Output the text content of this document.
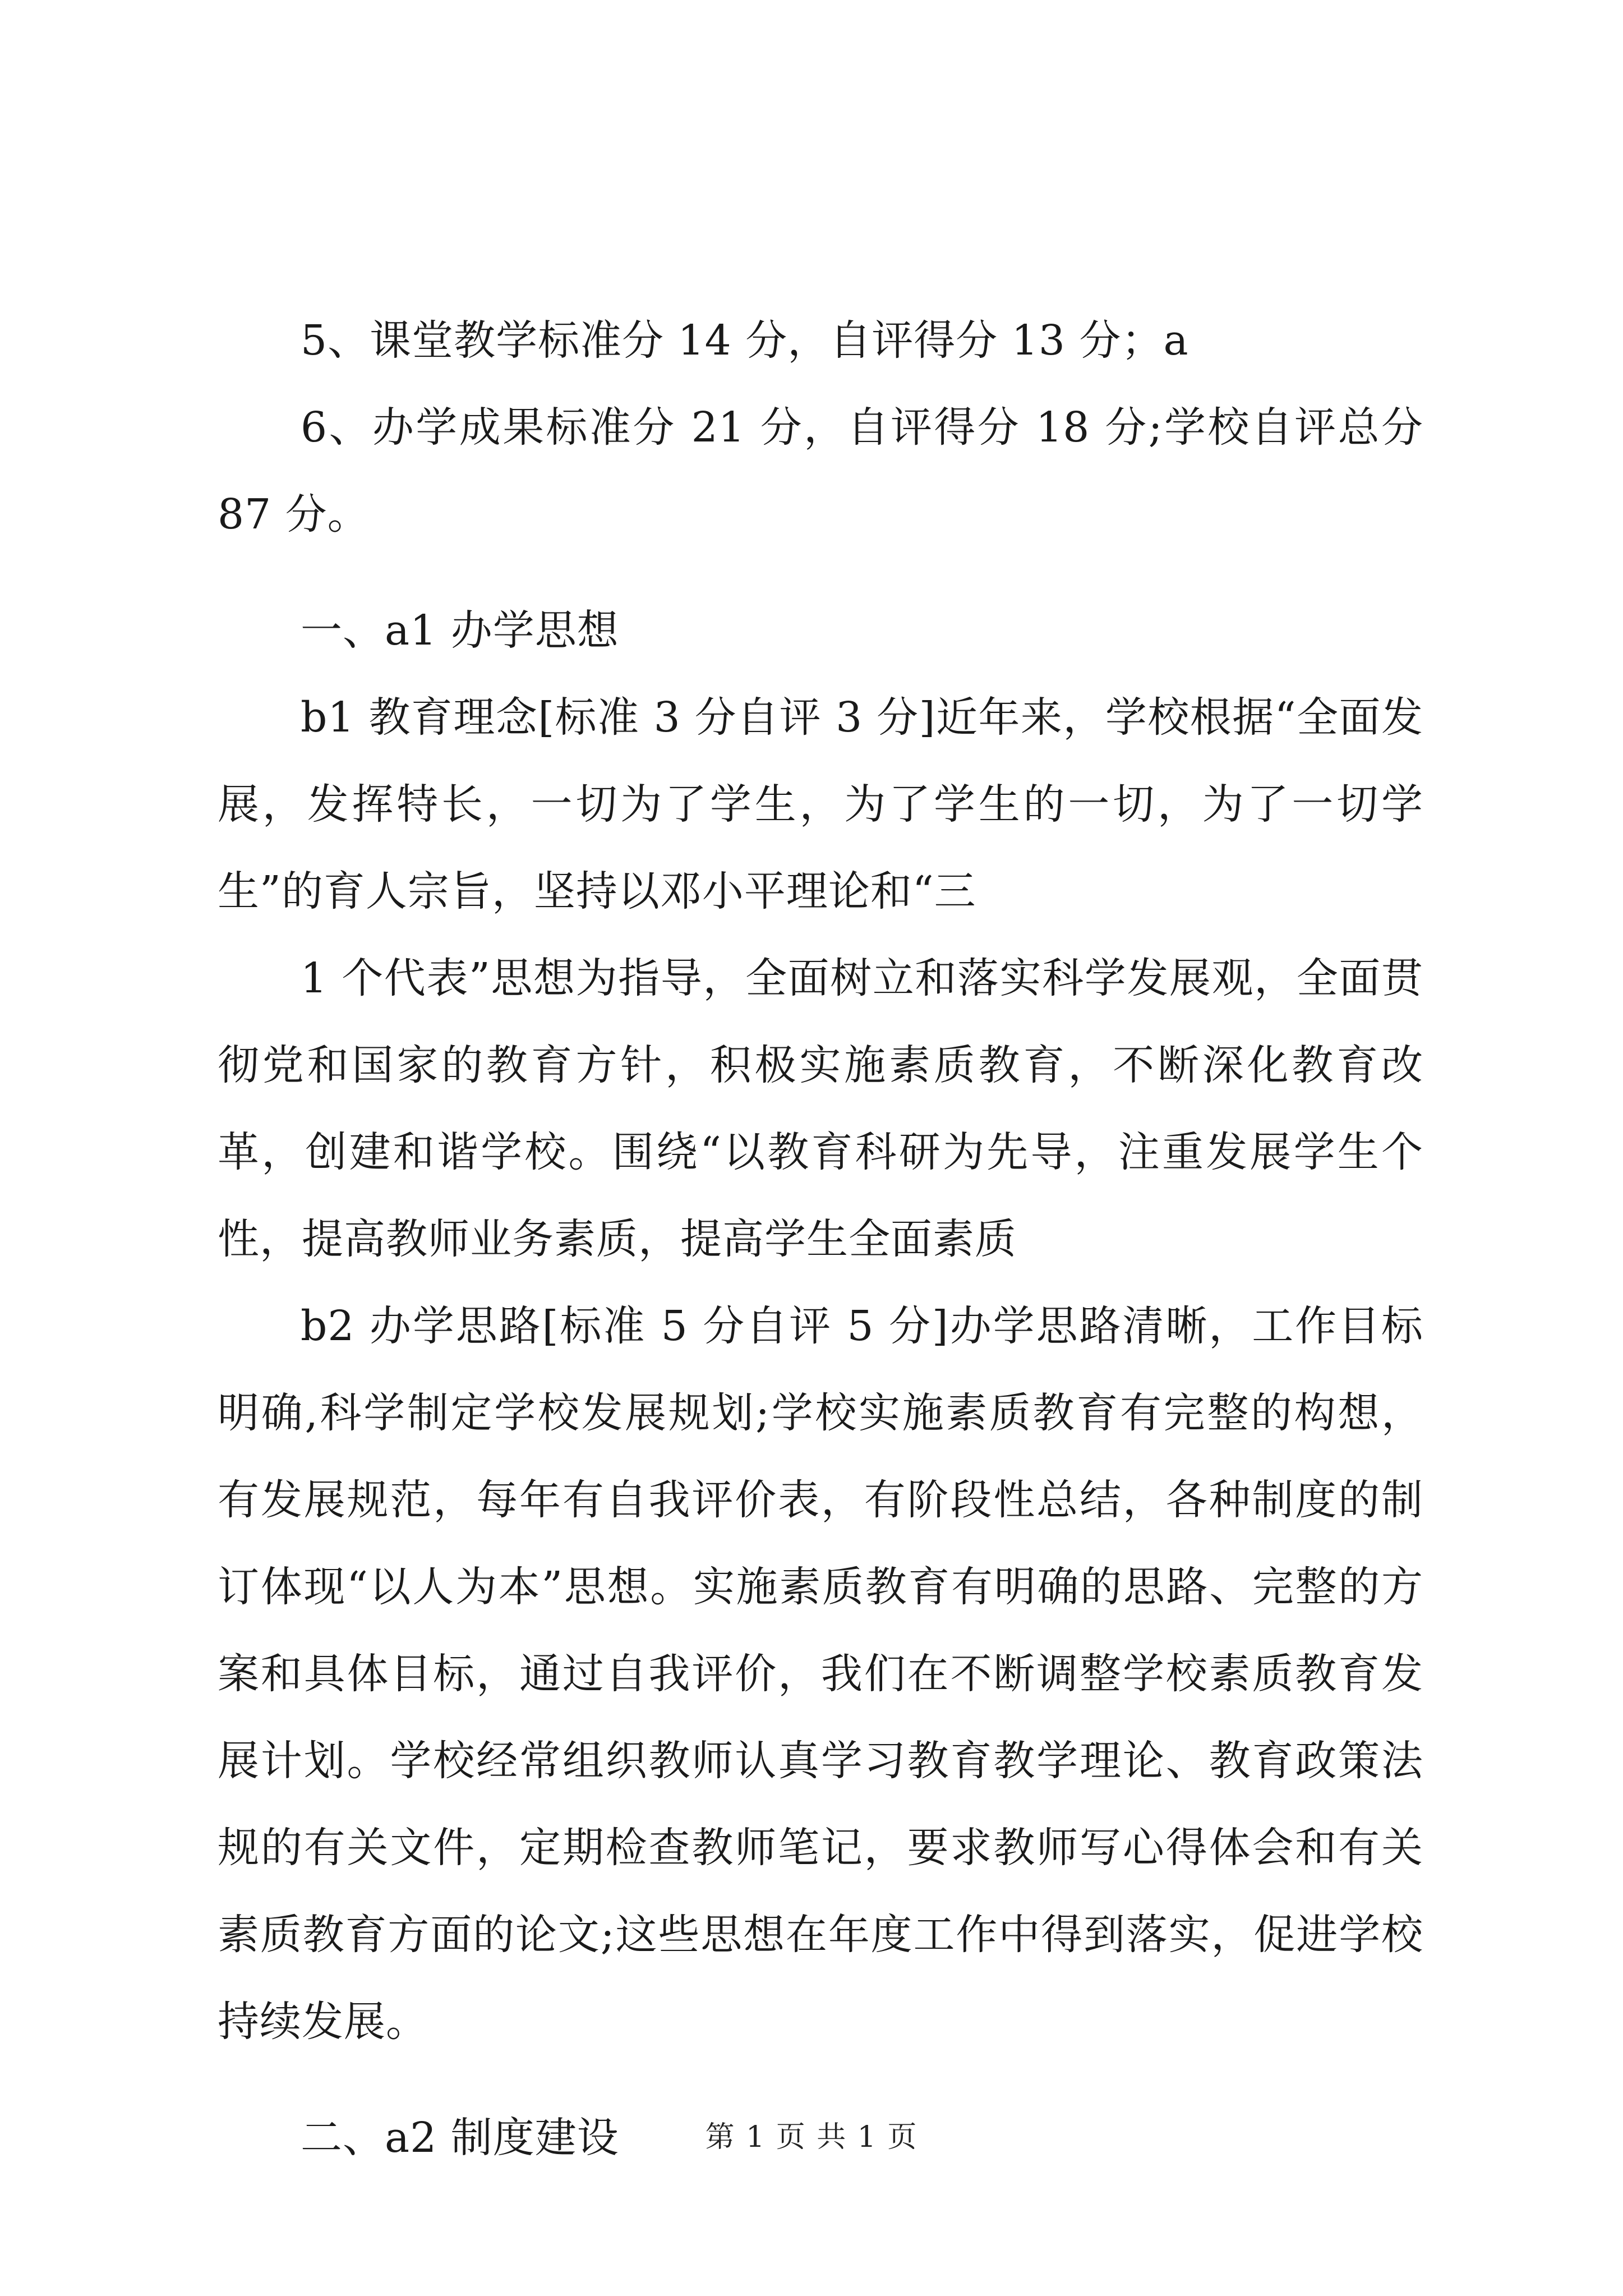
5、课堂教学标准分 14 分，自评得分 13 分；a

6、办学成果标准分 21 分，自评得分 18 分;学校自评总分 87 分。

一、a1 办学思想

b1 教育理念[标准 3 分自评 3 分]近年来，学校根据“全面发展，发挥特长，一切为了学生，为了学生的一切，为了一切学生”的育人宗旨，坚持以邓小平理论和“三

1 个代表”思想为指导，全面树立和落实科学发展观，全面贯彻党和国家的教育方针，积极实施素质教育，不断深化教育改革，创建和谐学校。围绕“以教育科研为先导，注重发展学生个性，提高教师业务素质，提高学生全面素质

b2 办学思路[标准 5 分自评 5 分]办学思路清晰，工作目标明确,科学制定学校发展规划;学校实施素质教育有完整的构想，有发展规范，每年有自我评价表，有阶段性总结，各种制度的制订体现“以人为本”思想。实施素质教育有明确的思路、完整的方案和具体目标，通过自我评价，我们在不断调整学校素质教育发展计划。学校经常组织教师认真学习教育教学理论、教育政策法规的有关文件，定期检查教师笔记，要求教师写心得体会和有关素质教育方面的论文;这些思想在年度工作中得到落实，促进学校持续发展。

二、a2 制度建设	第 1 页 共 1 页
